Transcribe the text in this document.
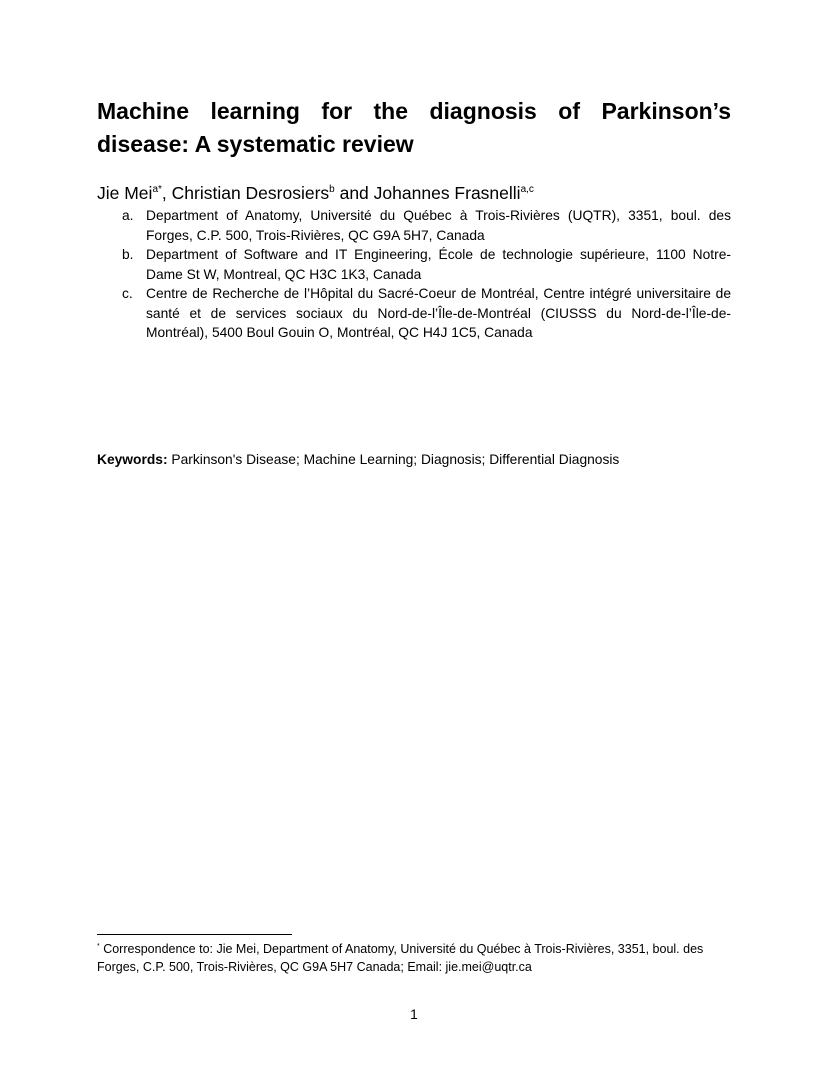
Machine learning for the diagnosis of Parkinson’s disease: A systematic review

Jie Mei$^{a*}$, Christian Desrosiers$^b$ and Johannes Frasnelli$^{a,c}$

a. Department of Anatomy, Université du Québec à Trois-Rivières (UQTR), 3351, boul. des Forges, C.P. 500, Trois-Rivières, QC G9A 5H7, Canada
b. Department of Software and IT Engineering, École de technologie supérieure, 1100 Notre-Dame St W, Montreal, QC H3C 1K3, Canada
c. Centre de Recherche de l’Hôpital du Sacré-Coeur de Montréal, Centre intégré universitaire de santé et de services sociaux du Nord-de-l’Île-de-Montréal (CIUSSS du Nord-de-l’Île-de-Montréal), 5400 Boul Gouin O, Montréal, QC H4J 1C5, Canada

Keywords: Parkinson's Disease; Machine Learning; Diagnosis; Differential Diagnosis

* Correspondence to: Jie Mei, Department of Anatomy, Université du Québec à Trois-Rivières, 3351, boul. des Forges, C.P. 500, Trois-Rivières, QC G9A 5H7 Canada; Email: jie.mei@uqtr.ca

1
